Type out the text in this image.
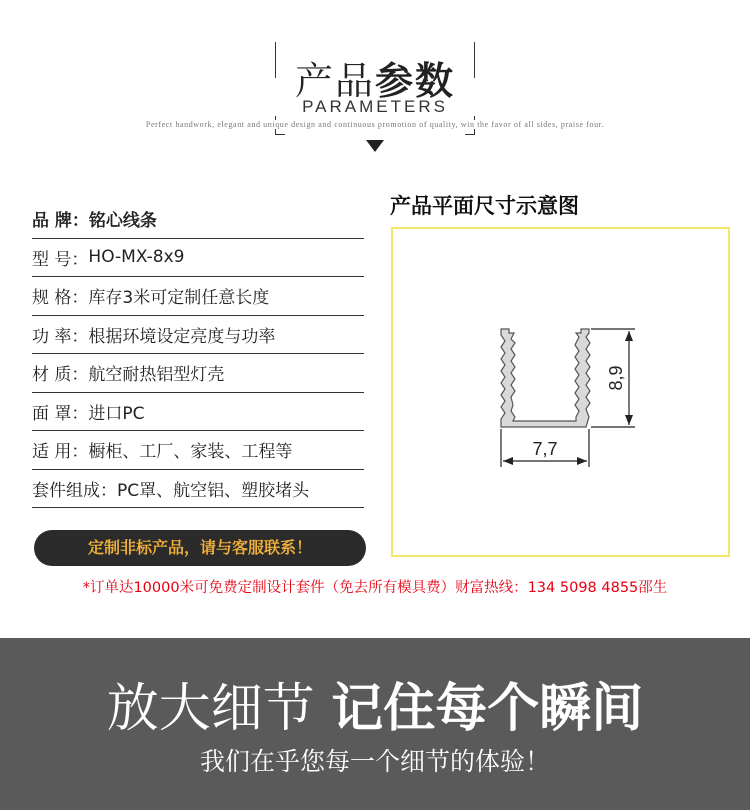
产品参数
PARAMETERS
Perfect handwork, elegant and unique design and continuous promotion of quality, win the favor of all sides, praise four.
品 牌： 铭心线条
型 号： HO-MX-8x9
规 格： 库存3米可定制任意长度
功 率： 根据环境设定亮度与功率
材 质： 航空耐热铝型灯壳
面 罩： 进口PC
适 用： 橱柜、工厂、家装、工程等
套件组成： PC罩、航空铝、塑胶堵头
定制非标产品，请与客服联系！
产品平面尺寸示意图
7,7
8,9
*订单达10000米可免费定制设计套件（免去所有模具费）财富热线：134 5098 4855邵生
放大细节 记住每个瞬间
我们在乎您每一个细节的体验！
